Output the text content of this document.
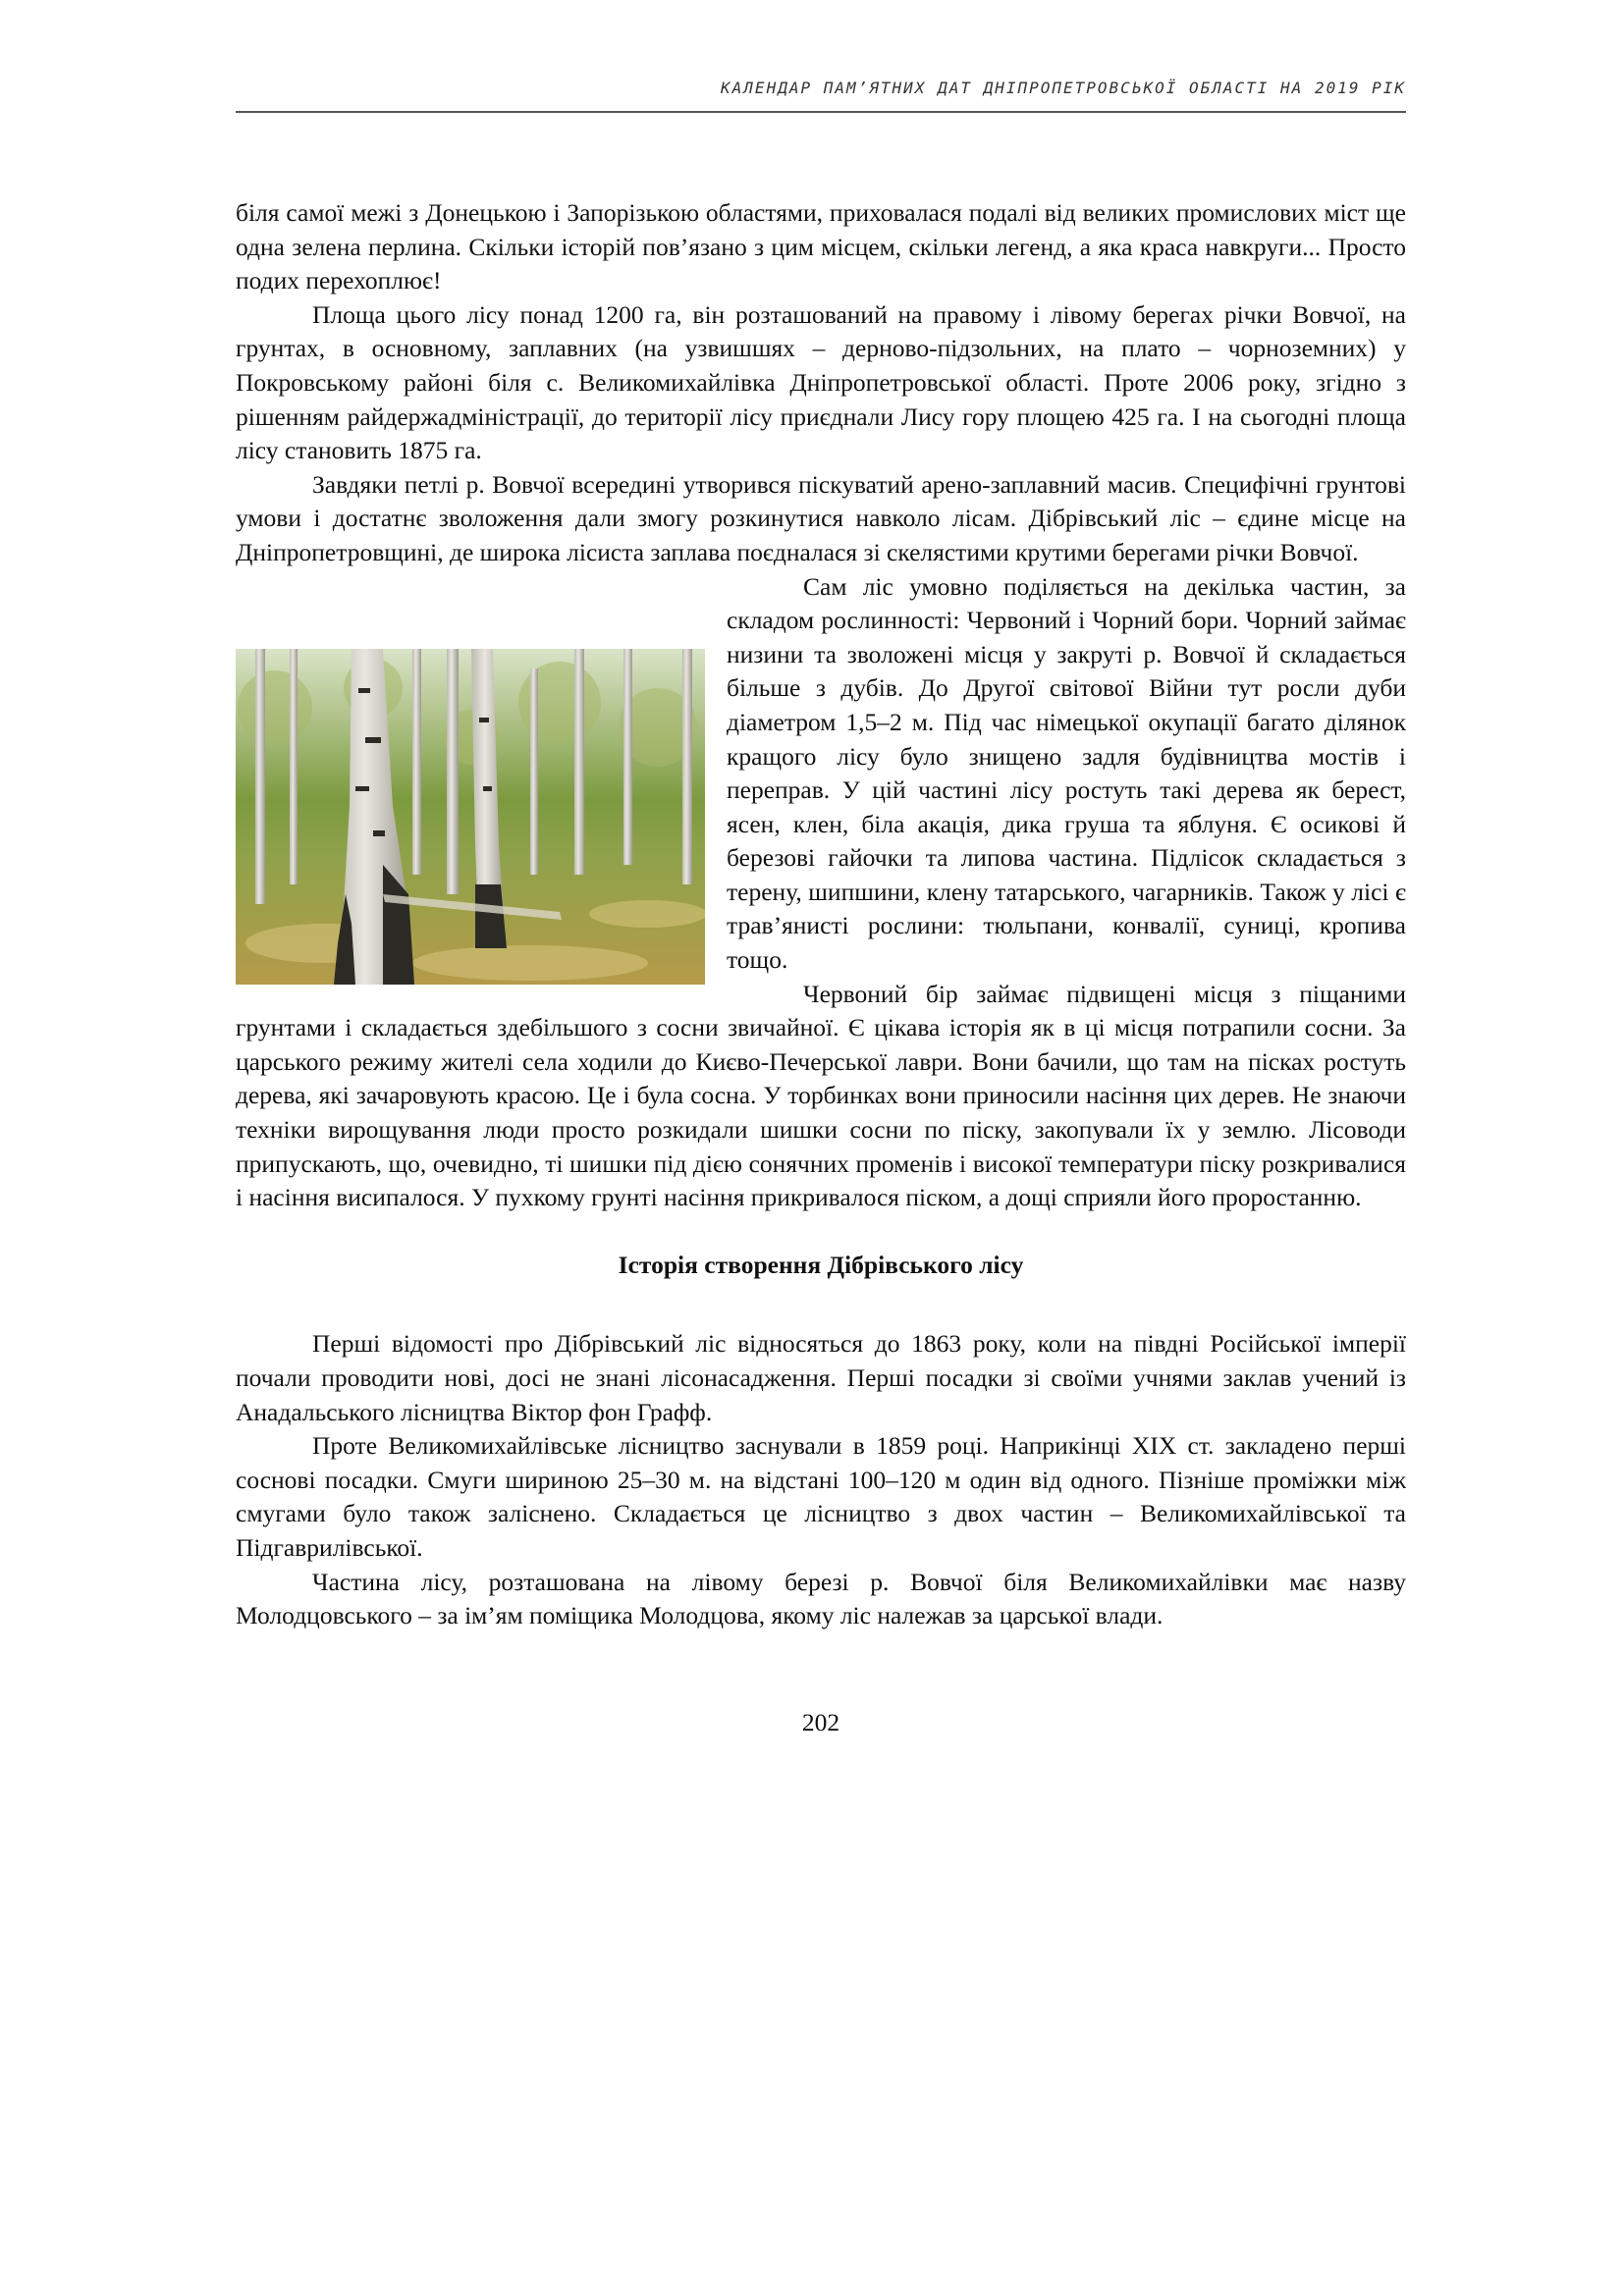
КАЛЕНДАР ПАМ’ЯТНИХ ДАТ ДНІПРОПЕТРОВСЬКОЇ ОБЛАСТІ НА 2019 РІК

біля самої межі з Донецькою і Запорізькою областями, приховалася подалі від великих промислових міст ще одна зелена перлина. Скільки історій пов’язано з цим місцем, скільки легенд, а яка краса навкруги... Просто подих перехоплює!

Площа цього лісу понад 1200 га, він розташований на правому і лівому берегах річки Вовчої, на грунтах, в основному, заплавних (на узвишшях – дерново-підзольних, на плато – чорноземних) у Покровському районі біля с. Великомихайлівка Дніпропетровської області. Проте 2006 року, згідно з рішенням райдержадміністрації, до території лісу приєднали Лису гору площею 425 га. І на сьогодні площа лісу становить 1875 га.

Завдяки петлі р. Вовчої всередині утворився піскуватий арено-заплавний масив. Специфічні грунтові умови і достатнє зволоження дали змогу розкинутися навколо лісам. Дібрівський ліс – єдине місце на Дніпропетровщині, де широка лісиста заплава поєдналася зі скелястими крутими берегами річки Вовчої.

Сам ліс умовно поділяється на декілька частин, за складом рослинності: Червоний і Чорний бори. Чорний займає низини та зволожені місця у закруті р. Вовчої й складається більше з дубів. До Другої світової Війни тут росли дуби діаметром 1,5–2 м. Під час німецької окупації багато ділянок кращого лісу було знищено задля будівництва мостів і переправ. У цій частині лісу ростуть такі дерева як берест, ясен, клен, біла акація, дика груша та яблуня. Є осикові й березові гайочки та липова частина. Підлісок складається з терену, шипшини, клену татарського, чагарників. Також у лісі є трав’янисті рослини: тюльпани, конвалії, суниці, кропива тощо.

Червоний бір займає підвищені місця з піщаними грунтами і складається здебільшого з сосни звичайної. Є цікава історія як в ці місця потрапили сосни. За царського режиму жителі села ходили до Києво-Печерської лаври. Вони бачили, що там на пісках ростуть дерева, які зачаровують красою. Це і була сосна. У торбинках вони приносили насіння цих дерев. Не знаючи техніки вирощування люди просто розкидали шишки сосни по піску, закопували їх у землю. Лісоводи припускають, що, очевидно, ті шишки під дією сонячних променів і високої температури піску розкривалися і насіння висипалося. У пухкому грунті насіння прикривалося піском, а дощі сприяли його проростанню.

Історія створення Дібрівського лісу

Перші відомості про Дібрівський ліс відносяться до 1863 року, коли на півдні Російської імперії почали проводити нові, досі не знані лісонасадження. Перші посадки зі своїми учнями заклав учений із Анадальського лісництва Віктор фон Графф.

Проте Великомихайлівське лісництво заснували в 1859 році. Наприкінці ХІХ ст. закладено перші соснові посадки. Смуги шириною 25–30 м. на відстані 100–120 м один від одного. Пізніше проміжки між смугами було також заліснено. Складається це лісництво з двох частин – Великомихайлівської та Підгаврилівської.

Частина лісу, розташована на лівому березі р. Вовчої біля Великомихайлівки має назву Молодцовського – за ім’ям поміщика Молодцова, якому ліс належав за царської влади.

202
